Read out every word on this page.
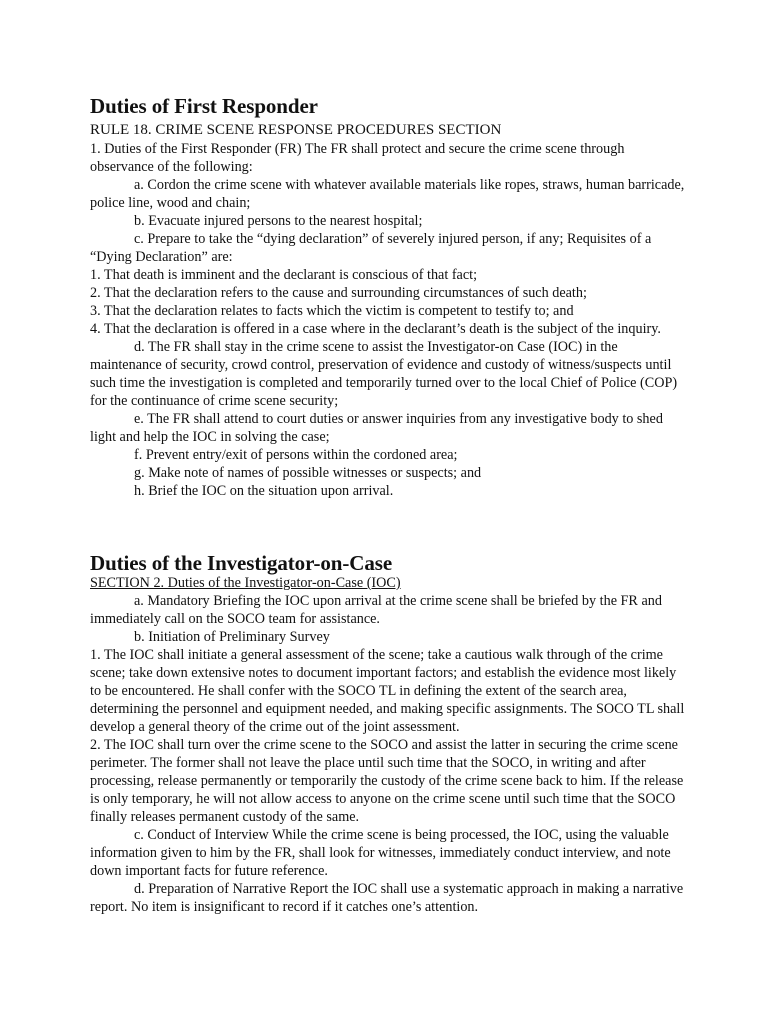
Duties of First Responder

RULE 18. CRIME SCENE RESPONSE PROCEDURES SECTION

1. Duties of the First Responder (FR) The FR shall protect and secure the crime scene through observance of the following:

a. Cordon the crime scene with whatever available materials like ropes, straws, human barricade, police line, wood and chain;

b. Evacuate injured persons to the nearest hospital;

c. Prepare to take the “dying declaration” of severely injured person, if any; Requisites of a “Dying Declaration” are:

1. That death is imminent and the declarant is conscious of that fact;

2. That the declaration refers to the cause and surrounding circumstances of such death;

3. That the declaration relates to facts which the victim is competent to testify to; and

4. That the declaration is offered in a case where in the declarant’s death is the subject of the inquiry.

d. The FR shall stay in the crime scene to assist the Investigator-on Case (IOC) in the maintenance of security, crowd control, preservation of evidence and custody of witness/suspects until such time the investigation is completed and temporarily turned over to the local Chief of Police (COP) for the continuance of crime scene security;

e. The FR shall attend to court duties or answer inquiries from any investigative body to shed light and help the IOC in solving the case;

f. Prevent entry/exit of persons within the cordoned area;

g. Make note of names of possible witnesses or suspects; and

h. Brief the IOC on the situation upon arrival.

Duties of the Investigator-on-Case

SECTION 2. Duties of the Investigator-on-Case (IOC)

a. Mandatory Briefing the IOC upon arrival at the crime scene shall be briefed by the FR and immediately call on the SOCO team for assistance.

b. Initiation of Preliminary Survey

1. The IOC shall initiate a general assessment of the scene; take a cautious walk through of the crime scene; take down extensive notes to document important factors; and establish the evidence most likely to be encountered. He shall confer with the SOCO TL in defining the extent of the search area, determining the personnel and equipment needed, and making specific assignments. The SOCO TL shall develop a general theory of the crime out of the joint assessment.

2. The IOC shall turn over the crime scene to the SOCO and assist the latter in securing the crime scene perimeter. The former shall not leave the place until such time that the SOCO, in writing and after processing, release permanently or temporarily the custody of the crime scene back to him. If the release is only temporary, he will not allow access to anyone on the crime scene until such time that the SOCO finally releases permanent custody of the same.

c. Conduct of Interview While the crime scene is being processed, the IOC, using the valuable information given to him by the FR, shall look for witnesses, immediately conduct interview, and note down important facts for future reference.

d. Preparation of Narrative Report the IOC shall use a systematic approach in making a narrative report. No item is insignificant to record if it catches one’s attention.
